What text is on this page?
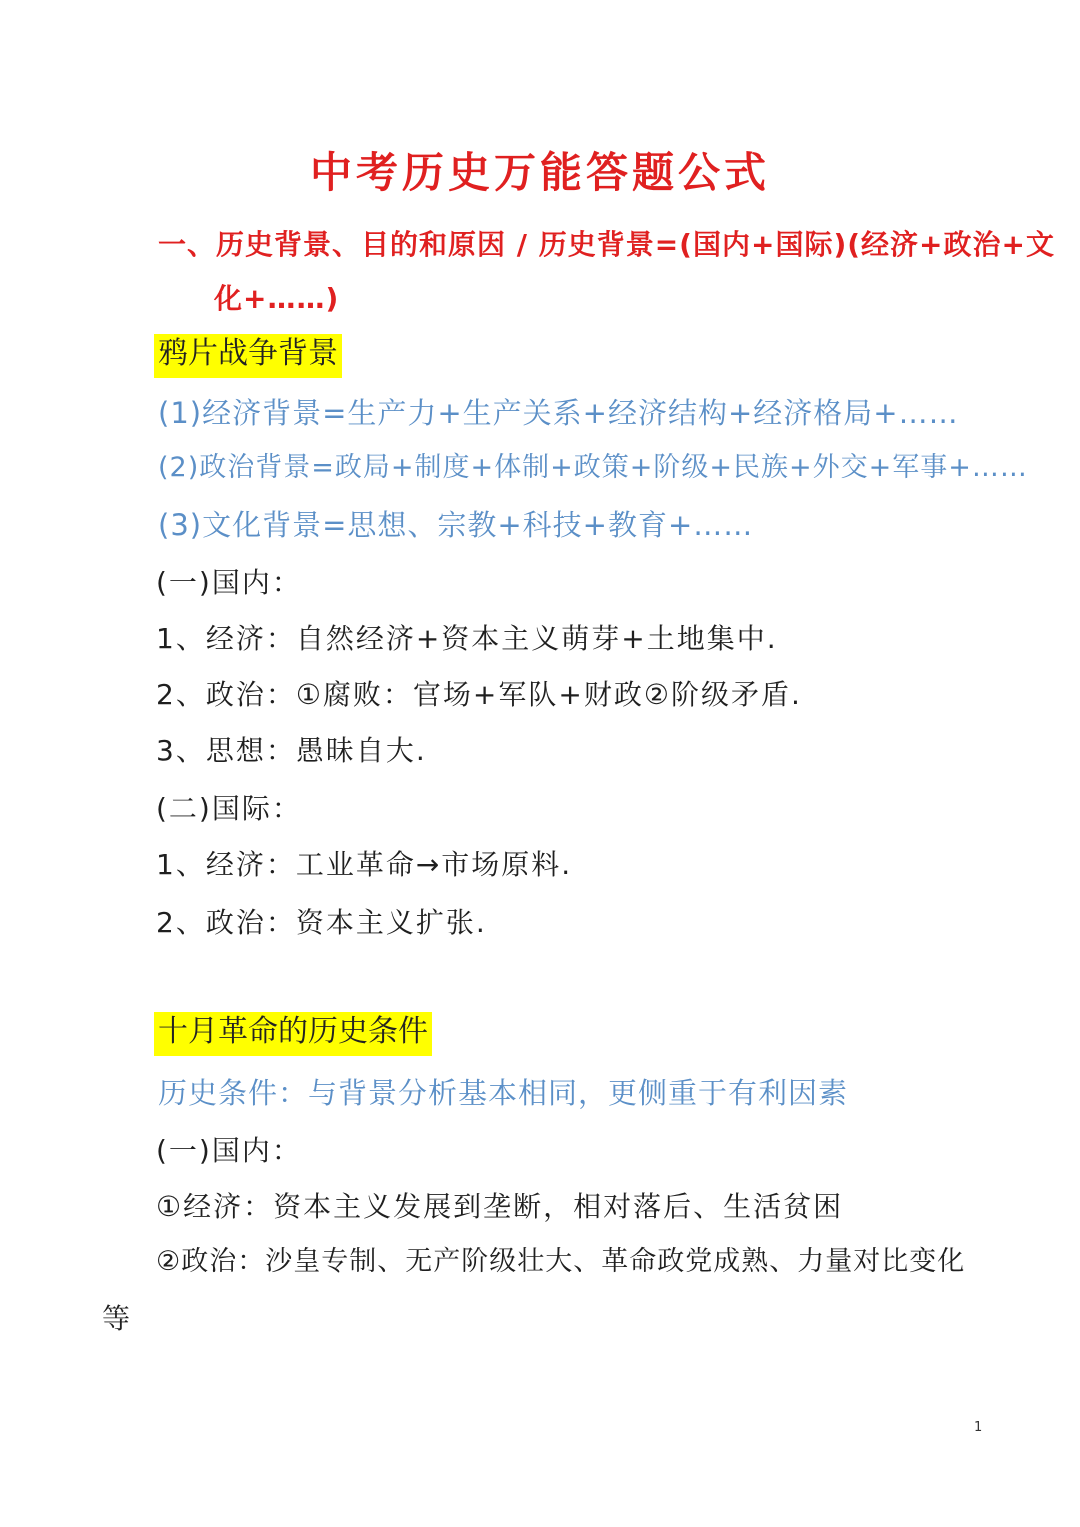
中考历史万能答题公式
一、历史背景、目的和原因 / 历史背景=(国内+国际)(经济+政治+文
化+……)
鸦片战争背景
(1)经济背景=生产力+生产关系+经济结构+经济格局+……
(2)政治背景=政局+制度+体制+政策+阶级+民族+外交+军事+……
(3)文化背景=思想、宗教+科技+教育+……
(一)国内：
1、经济：自然经济+资本主义萌芽+土地集中.
2、政治：①腐败：官场+军队+财政②阶级矛盾.
3、思想：愚昧自大.
(二)国际：
1、经济：工业革命→市场原料.
2、政治：资本主义扩张.
十月革命的历史条件
历史条件：与背景分析基本相同，更侧重于有利因素
(一)国内：
①经济：资本主义发展到垄断，相对落后、生活贫困
②政治：沙皇专制、无产阶级壮大、革命政党成熟、力量对比变化
等
1
